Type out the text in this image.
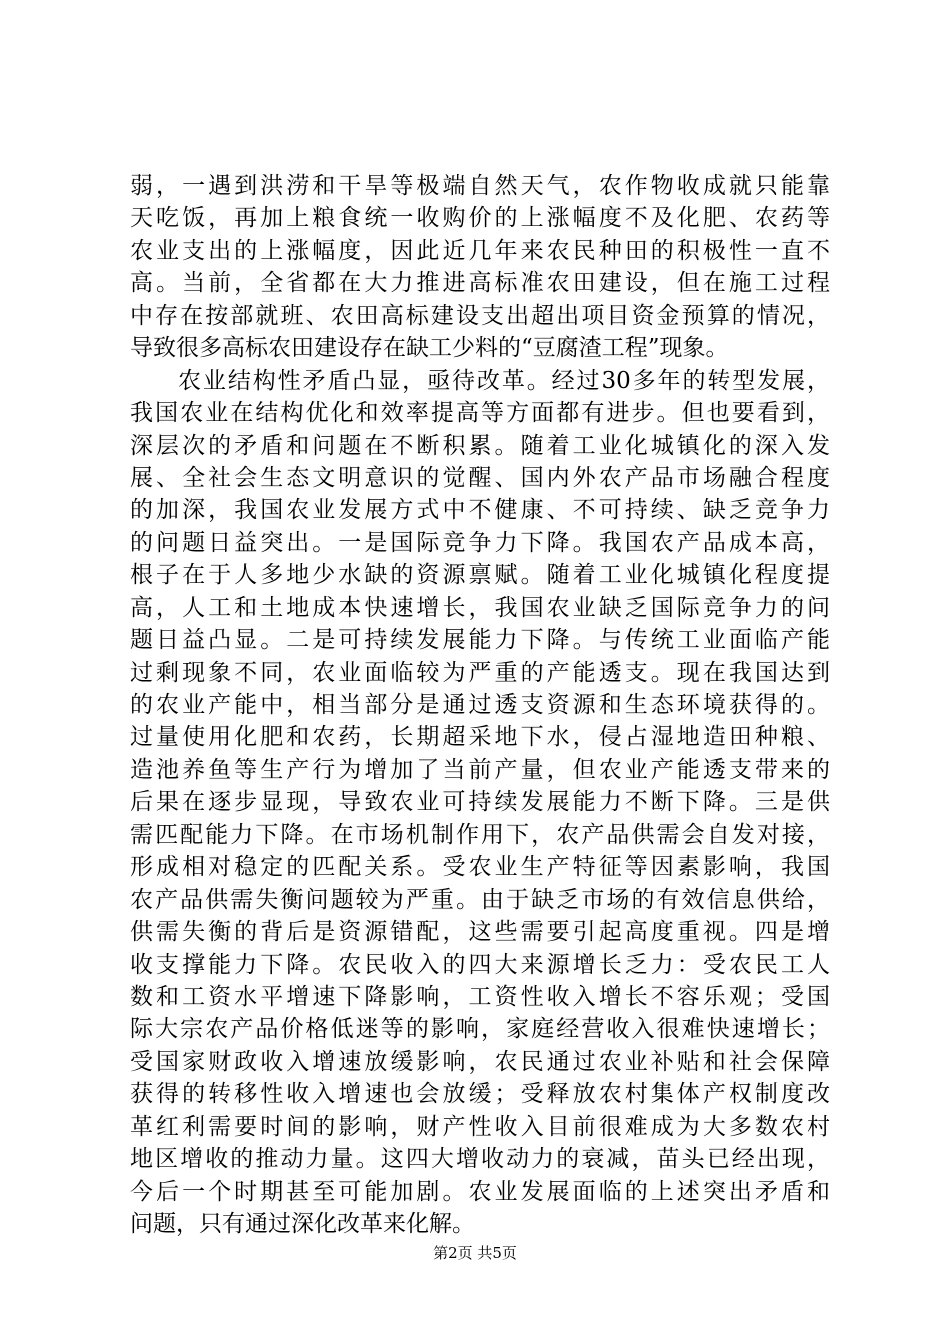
弱，一遇到洪涝和干旱等极端自然天气，农作物收成就只能靠
天吃饭，再加上粮食统一收购价的上涨幅度不及化肥、农药等
农业支出的上涨幅度，因此近几年来农民种田的积极性一直不
高。当前，全省都在大力推进高标准农田建设，但在施工过程
中存在按部就班、农田高标建设支出超出项目资金预算的情况，
导致很多高标农田建设存在缺工少料的“豆腐渣工程”现象。
农业结构性矛盾凸显，亟待改革。经过30多年的转型发展，
我国农业在结构优化和效率提高等方面都有进步。但也要看到，
深层次的矛盾和问题在不断积累。随着工业化城镇化的深入发
展、全社会生态文明意识的觉醒、国内外农产品市场融合程度
的加深，我国农业发展方式中不健康、不可持续、缺乏竞争力
的问题日益突出。一是国际竞争力下降。我国农产品成本高，
根子在于人多地少水缺的资源禀赋。随着工业化城镇化程度提
高，人工和土地成本快速增长，我国农业缺乏国际竞争力的问
题日益凸显。二是可持续发展能力下降。与传统工业面临产能
过剩现象不同，农业面临较为严重的产能透支。现在我国达到
的农业产能中，相当部分是通过透支资源和生态环境获得的。
过量使用化肥和农药，长期超采地下水，侵占湿地造田种粮、
造池养鱼等生产行为增加了当前产量，但农业产能透支带来的
后果在逐步显现，导致农业可持续发展能力不断下降。三是供
需匹配能力下降。在市场机制作用下，农产品供需会自发对接，
形成相对稳定的匹配关系。受农业生产特征等因素影响，我国
农产品供需失衡问题较为严重。由于缺乏市场的有效信息供给，
供需失衡的背后是资源错配，这些需要引起高度重视。四是增
收支撑能力下降。农民收入的四大来源增长乏力：受农民工人
数和工资水平增速下降影响，工资性收入增长不容乐观；受国
际大宗农产品价格低迷等的影响，家庭经营收入很难快速增长；
受国家财政收入增速放缓影响，农民通过农业补贴和社会保障
获得的转移性收入增速也会放缓；受释放农村集体产权制度改
革红利需要时间的影响，财产性收入目前很难成为大多数农村
地区增收的推动力量。这四大增收动力的衰减，苗头已经出现，
今后一个时期甚至可能加剧。农业发展面临的上述突出矛盾和
问题，只有通过深化改革来化解。
第2页 共5页
